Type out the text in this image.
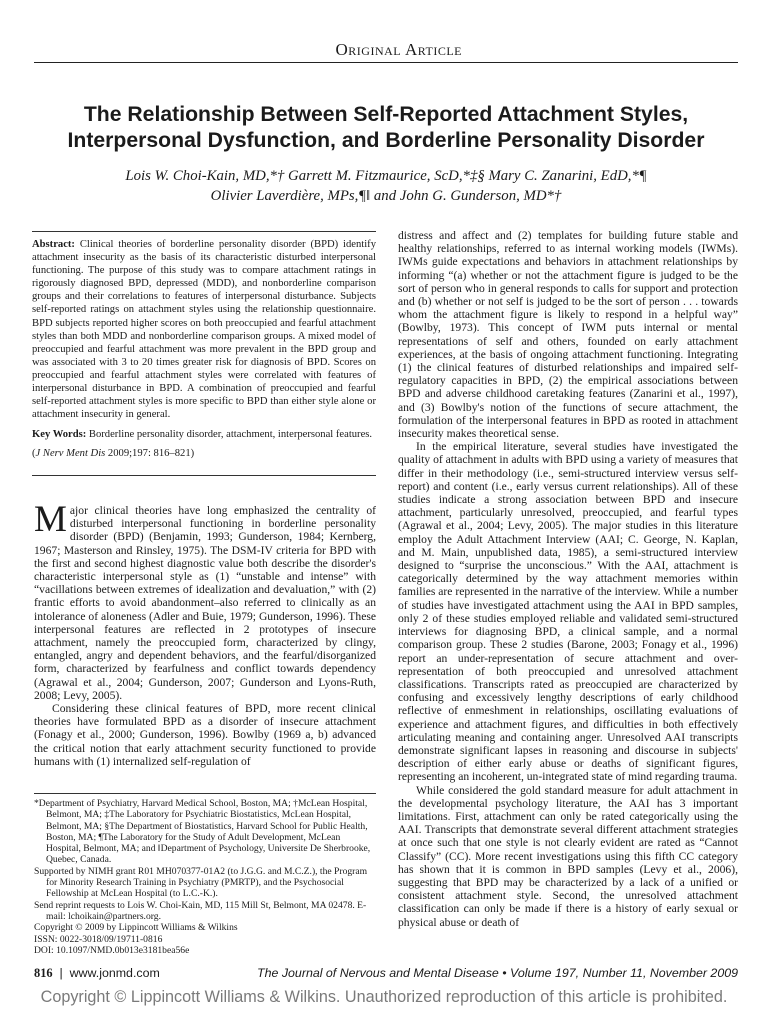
Original Article
The Relationship Between Self-Reported Attachment Styles,
Interpersonal Dysfunction, and Borderline Personality Disorder
Lois W. Choi-Kain, MD,*† Garrett M. Fitzmaurice, ScD,*‡§ Mary C. Zanarini, EdD,*¶
Olivier Laverdière, MPs,¶‖ and John G. Gunderson, MD*†

Abstract: Clinical theories of borderline personality disorder (BPD) identify attachment insecurity as the basis of its characteristic disturbed interpersonal functioning. The purpose of this study was to compare attachment ratings in rigorously diagnosed BPD, depressed (MDD), and nonborderline comparison groups and their correlations to features of interpersonal disturbance. Subjects self-reported ratings on attachment styles using the relationship questionnaire. BPD subjects reported higher scores on both preoccupied and fearful attachment styles than both MDD and nonborderline comparison groups. A mixed model of preoccupied and fearful attachment was more prevalent in the BPD group and was associated with 3 to 20 times greater risk for diagnosis of BPD. Scores on preoccupied and fearful attachment styles were correlated with features of interpersonal disturbance in BPD. A combination of preoccupied and fearful self-reported attachment styles is more specific to BPD than either style alone or attachment insecurity in general.

Key Words: Borderline personality disorder, attachment, interpersonal features.

(J Nerv Ment Dis 2009;197: 816–821)

Major clinical theories have long emphasized the centrality of disturbed interpersonal functioning in borderline personality disorder (BPD) (Benjamin, 1993; Gunderson, 1984; Kernberg, 1967; Masterson and Rinsley, 1975). The DSM-IV criteria for BPD with the first and second highest diagnostic value both describe the disorder's characteristic interpersonal style as (1) “unstable and intense” with “vacillations between extremes of idealization and devaluation,” with (2) frantic efforts to avoid abandonment–also referred to clinically as an intolerance of aloneness (Adler and Buie, 1979; Gunderson, 1996). These interpersonal features are reflected in 2 prototypes of insecure attachment, namely the preoccupied form, characterized by clingy, entangled, angry and dependent behaviors, and the fearful/disorganized form, characterized by fearfulness and conflict towards dependency (Agrawal et al., 2004; Gunderson, 2007; Gunderson and Lyons-Ruth, 2008; Levy, 2005).

Considering these clinical features of BPD, more recent clinical theories have formulated BPD as a disorder of insecure attachment (Fonagy et al., 2000; Gunderson, 1996). Bowlby (1969 a, b) advanced the critical notion that early attachment security functioned to provide humans with (1) internalized self-regulation of

*Department of Psychiatry, Harvard Medical School, Boston, MA; †McLean Hospital, Belmont, MA; ‡The Laboratory for Psychiatric Biostatistics, McLean Hospital, Belmont, MA; §The Department of Biostatistics, Harvard School for Public Health, Boston, MA; ¶The Laboratory for the Study of Adult Development, McLean Hospital, Belmont, MA; and ‖Department of Psychology, Universite De Sherbrooke, Quebec, Canada.

Supported by NIMH grant R01 MH070377-01A2 (to J.G.G. and M.C.Z.), the Program for Minority Research Training in Psychiatry (PMRTP), and the Psychosocial Fellowship at McLean Hospital (to L.C.-K.).

Send reprint requests to Lois W. Choi-Kain, MD, 115 Mill St, Belmont, MA 02478. E-mail: lchoikain@partners.org.

Copyright © 2009 by Lippincott Williams & Wilkins

ISSN: 0022-3018/09/19711-0816

DOI: 10.1097/NMD.0b013e3181bea56e

distress and affect and (2) templates for building future stable and healthy relationships, referred to as internal working models (IWMs). IWMs guide expectations and behaviors in attachment relationships by informing “(a) whether or not the attachment figure is judged to be the sort of person who in general responds to calls for support and protection and (b) whether or not self is judged to be the sort of person . . . towards whom the attachment figure is likely to respond in a helpful way” (Bowlby, 1973). This concept of IWM puts internal or mental representations of self and others, founded on early attachment experiences, at the basis of ongoing attachment functioning. Integrating (1) the clinical features of disturbed relationships and impaired self-regulatory capacities in BPD, (2) the empirical associations between BPD and adverse childhood caretaking features (Zanarini et al., 1997), and (3) Bowlby's notion of the functions of secure attachment, the formulation of the interpersonal features in BPD as rooted in attachment insecurity makes theoretical sense.

In the empirical literature, several studies have investigated the quality of attachment in adults with BPD using a variety of measures that differ in their methodology (i.e., semi-structured interview versus self-report) and content (i.e., early versus current relationships). All of these studies indicate a strong association between BPD and insecure attachment, particularly unresolved, preoccupied, and fearful types (Agrawal et al., 2004; Levy, 2005). The major studies in this literature employ the Adult Attachment Interview (AAI; C. George, N. Kaplan, and M. Main, unpublished data, 1985), a semi-structured interview designed to “surprise the unconscious.” With the AAI, attachment is categorically determined by the way attachment memories within families are represented in the narrative of the interview. While a number of studies have investigated attachment using the AAI in BPD samples, only 2 of these studies employed reliable and validated semi-structured interviews for diagnosing BPD, a clinical sample, and a normal comparison group. These 2 studies (Barone, 2003; Fonagy et al., 1996) report an under-representation of secure attachment and over-representation of both preoccupied and unresolved attachment classifications. Transcripts rated as preoccupied are characterized by confusing and excessively lengthy descriptions of early childhood reflective of enmeshment in relationships, oscillating evaluations of experience and attachment figures, and difficulties in both effectively articulating meaning and containing anger. Unresolved AAI transcripts demonstrate significant lapses in reasoning and discourse in subjects' description of either early abuse or deaths of significant figures, representing an incoherent, un-integrated state of mind regarding trauma.

While considered the gold standard measure for adult attachment in the developmental psychology literature, the AAI has 3 important limitations. First, attachment can only be rated categorically using the AAI. Transcripts that demonstrate several different attachment strategies at once such that one style is not clearly evident are rated as “Cannot Classify” (CC). More recent investigations using this fifth CC category has shown that it is common in BPD samples (Levy et al., 2006), suggesting that BPD may be characterized by a lack of a unified or consistent attachment style. Second, the unresolved attachment classification can only be made if there is a history of early sexual or physical abuse or death of

816  |  www.jonmd.com	The Journal of Nervous and Mental Disease • Volume 197, Number 11, November 2009
Copyright © Lippincott Williams & Wilkins. Unauthorized reproduction of this article is prohibited.
